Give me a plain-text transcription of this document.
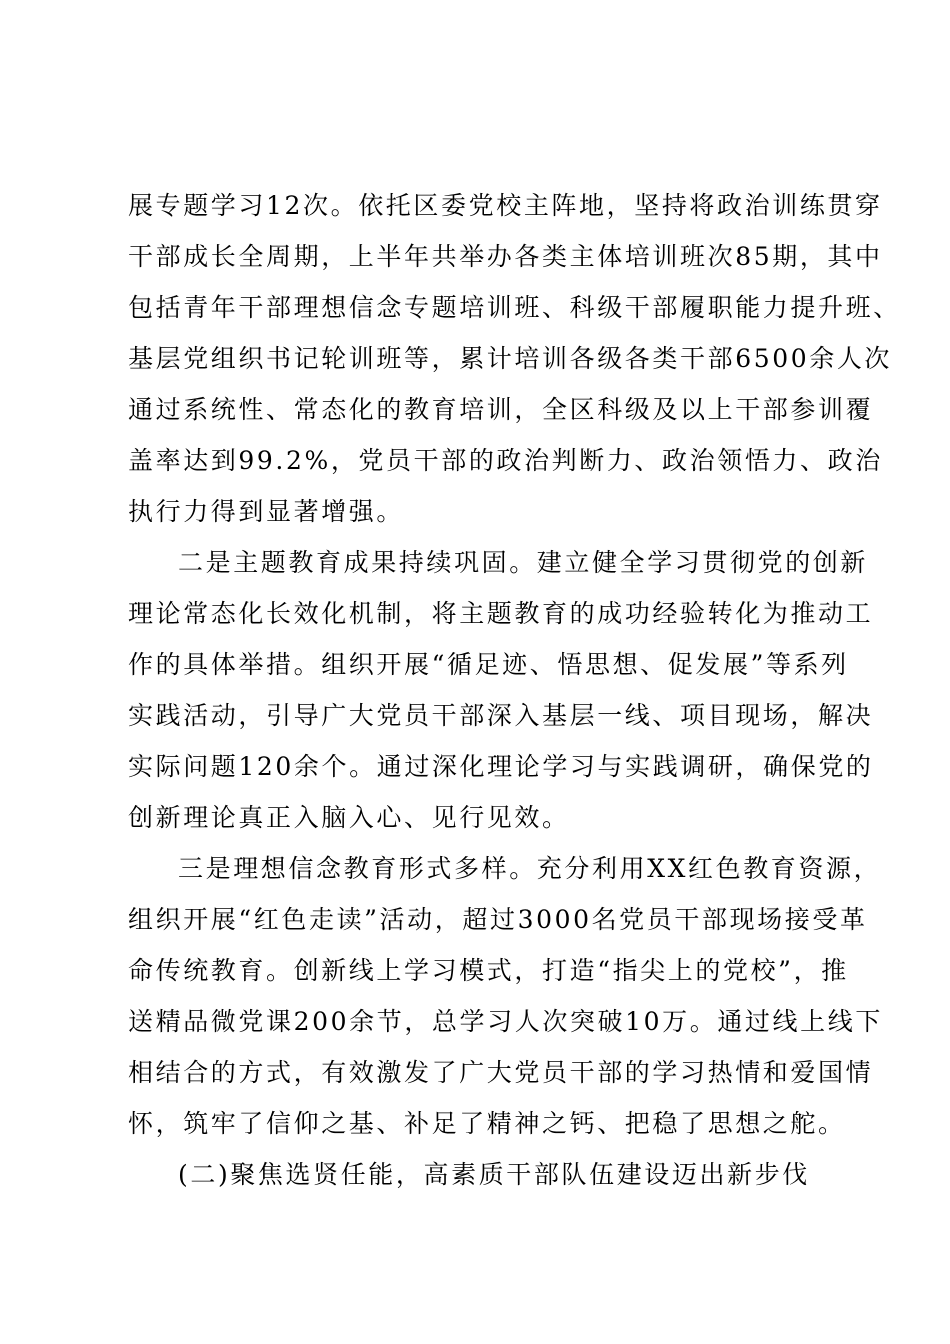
展专题学习12次。依托区委党校主阵地，坚持将政治训练贯穿
干部成长全周期，上半年共举办各类主体培训班次85期，其中
包括青年干部理想信念专题培训班、科级干部履职能力提升班、
基层党组织书记轮训班等，累计培训各级各类干部6500余人次
通过系统性、常态化的教育培训，全区科级及以上干部参训覆
盖率达到99.2%，党员干部的政治判断力、政治领悟力、政治
执行力得到显著增强。
二是主题教育成果持续巩固。建立健全学习贯彻党的创新
理论常态化长效化机制，将主题教育的成功经验转化为推动工
作的具体举措。组织开展“循足迹、悟思想、促发展”等系列
实践活动，引导广大党员干部深入基层一线、项目现场，解决
实际问题120余个。通过深化理论学习与实践调研，确保党的
创新理论真正入脑入心、见行见效。
三是理想信念教育形式多样。充分利用XX红色教育资源，
组织开展“红色走读”活动，超过3000名党员干部现场接受革
命传统教育。创新线上学习模式，打造“指尖上的党校”，推
送精品微党课200余节，总学习人次突破10万。通过线上线下
相结合的方式，有效激发了广大党员干部的学习热情和爱国情
怀，筑牢了信仰之基、补足了精神之钙、把稳了思想之舵。
(二)聚焦选贤任能，高素质干部队伍建设迈出新步伐
